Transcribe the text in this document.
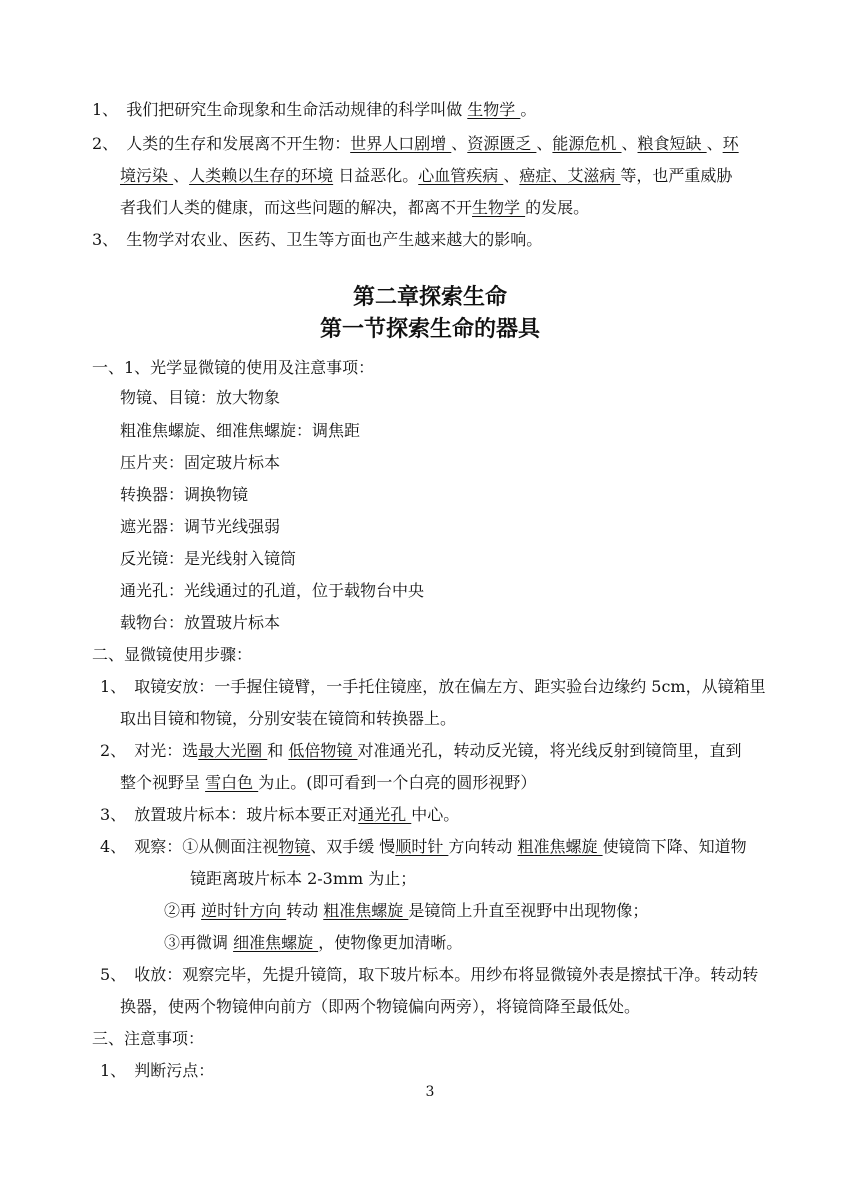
1、 我们把研究生命现象和生命活动规律的科学叫做 生物学 。
2、 人类的生存和发展离不开生物：世界人口剧增 、资源匮乏 、能源危机 、粮食短缺 、环
境污染 、人类赖以生存的环境 日益恶化。心血管疾病 、癌症、艾滋病 等，也严重威胁
者我们人类的健康，而这些问题的解决，都离不开生物学 的发展。
3、 生物学对农业、医药、卫生等方面也产生越来越大的影响。
第二章探索生命
第一节探索生命的器具
一、1、光学显微镜的使用及注意事项：
物镜、目镜：放大物象
粗准焦螺旋、细准焦螺旋：调焦距
压片夹：固定玻片标本
转换器：调换物镜
遮光器：调节光线强弱
反光镜：是光线射入镜筒
通光孔：光线通过的孔道，位于载物台中央
载物台：放置玻片标本
二、显微镜使用步骤：
1、 取镜安放：一手握住镜臂，一手托住镜座，放在偏左方、距实验台边缘约 5cm，从镜箱里
取出目镜和物镜，分别安装在镜筒和转换器上。
2、 对光：选最大光圈 和 低倍物镜 对准通光孔，转动反光镜，将光线反射到镜筒里，直到
整个视野呈 雪白色 为止。(即可看到一个白亮的圆形视野）
3、 放置玻片标本：玻片标本要正对通光孔 中心。
4、 观察：①从侧面注视物镜、双手缓 慢顺时针 方向转动 粗准焦螺旋 使镜筒下降、知道物
镜距离玻片标本 2-3mm 为止；
②再 逆时针方向 转动 粗准焦螺旋 是镜筒上升直至视野中出现物像；
③再微调 细准焦螺旋 ，使物像更加清晰。
5、 收放：观察完毕，先提升镜筒，取下玻片标本。用纱布将显微镜外表是擦拭干净。转动转
换器，使两个物镜伸向前方（即两个物镜偏向两旁），将镜筒降至最低处。
三、注意事项：
1、 判断污点：
3
